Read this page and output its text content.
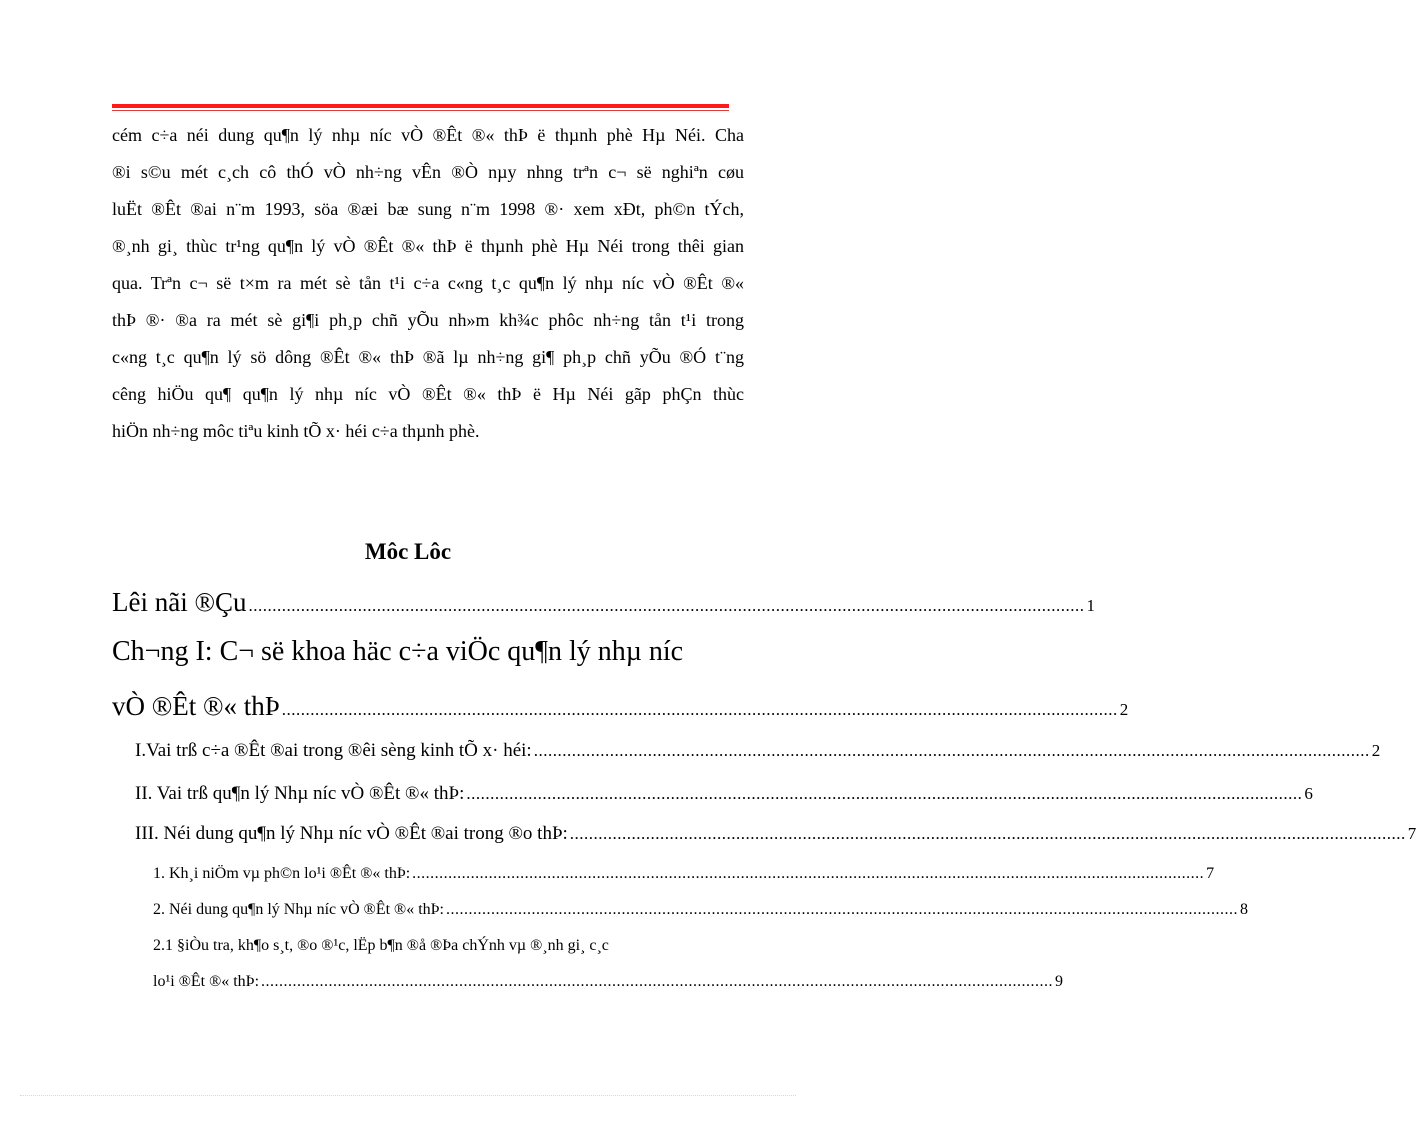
cém c÷a néi dung qu¶n lý nhµ níc vÒ ®Êt ®« thÞ ë thµnh phè Hµ Néi. Cha
®i s©u mét c¸ch cô thÓ vÒ nh÷ng vÊn ®Ò nµy nhng trªn c¬ së nghiªn cøu
luËt ®Êt ®ai n¨m 1993, söa ®æi bæ sung n¨m 1998 ®· xem xÐt, ph©n tÝch,
®¸nh gi¸ thùc tr¹ng qu¶n lý vÒ ®Êt ®« thÞ ë thµnh phè Hµ Néi trong thêi gian
qua. Trªn c¬ së t×m ra mét sè tån t¹i c÷a c«ng t¸c qu¶n lý nhµ níc vÒ ®Êt ®«
thÞ ®· ®a ra mét sè gi¶i ph¸p chñ yÕu nh»m kh¾c phôc nh÷ng tån t¹i trong
c«ng t¸c qu¶n lý sö dông ®Êt ®« thÞ ®ã lµ nh÷ng gi¶ ph¸p chñ yÕu ®Ó t¨ng
cêng hiÖu qu¶ qu¶n lý nhµ níc vÒ ®Êt ®« thÞ ë Hµ Néi gãp phÇn thùc
hiÖn nh÷ng môc tiªu kinh tÕ x· héi c÷a thµnh phè.
Môc Lôc
Lêi nãi ®Çu ................................................................................................................................................................................ 1
Ch¬ng I: C¬ së khoa häc c÷a viÖc qu¶n lý nhµ níc
vÒ ®Êt ®« thÞ ................................................................................................................................................................................ 2
I.Vai trß c÷a ®Êt ®ai trong ®êi sèng kinh tÕ x· héi: ................................................................................................................................................................................ 2
II. Vai trß qu¶n lý Nhµ níc vÒ ®Êt ®« thÞ: ................................................................................................................................................................................ 6
III. Néi dung qu¶n lý Nhµ níc vÒ ®Êt ®ai trong ®o thÞ: ................................................................................................................................................................................ 7
1. Kh¸i niÖm vµ ph©n lo¹i ®Êt ®« thÞ: ................................................................................................................................................................................ 7
2. Néi dung qu¶n lý Nhµ níc vÒ ®Êt ®« thÞ: ................................................................................................................................................................................ 8
2.1 §iÒu tra, kh¶o s¸t, ®o ®¹c, lËp b¶n ®å ®Þa chÝnh vµ ®¸nh gi¸ c¸c
lo¹i ®Êt ®« thÞ: ................................................................................................................................................................................ 9
